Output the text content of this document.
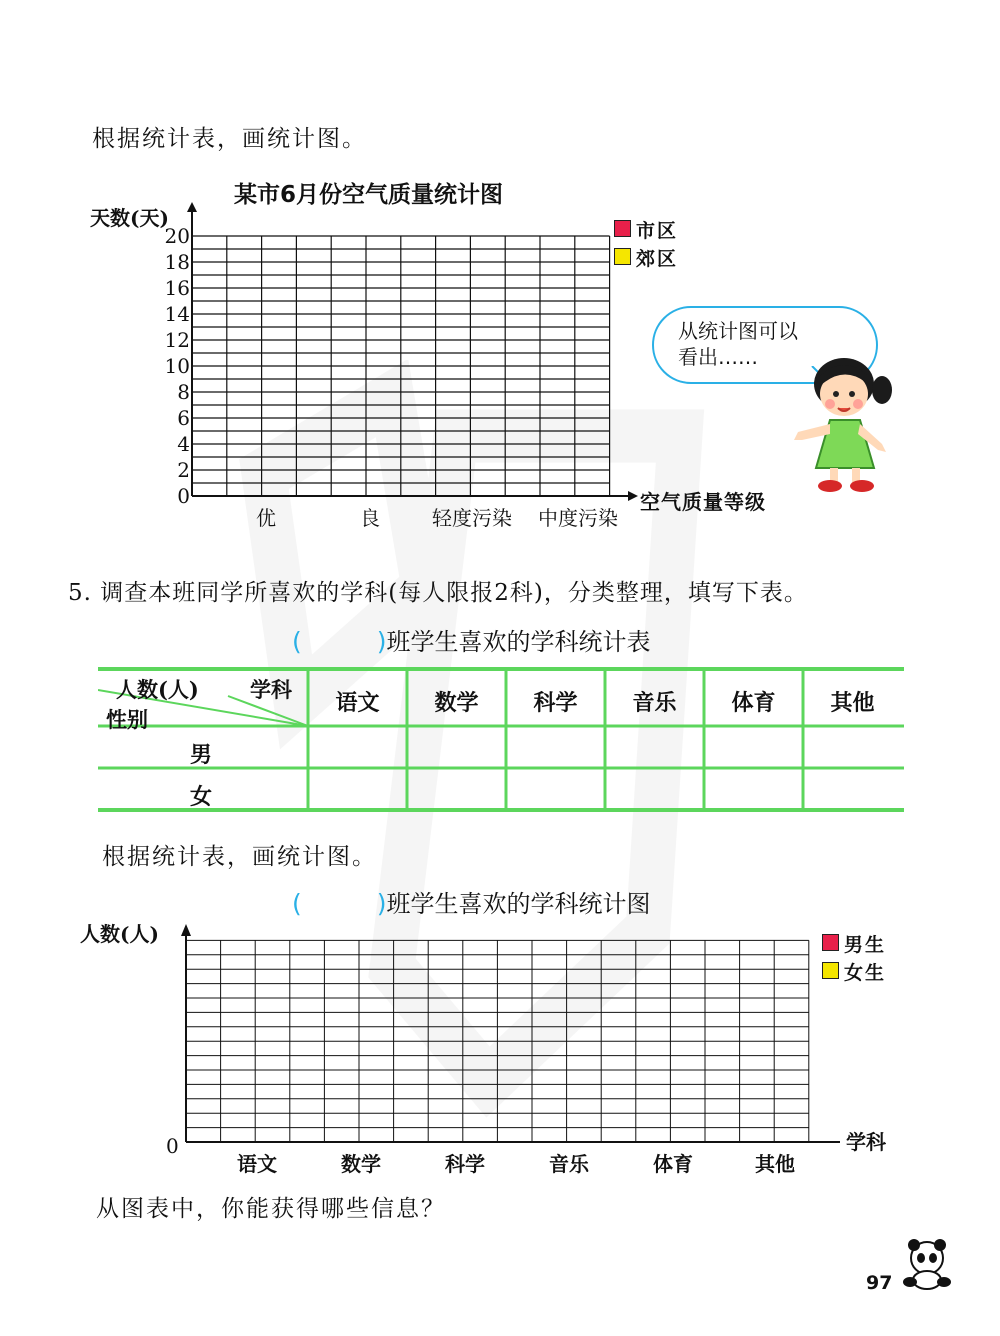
根据统计表，画统计图。
某市6月份空气质量统计图
天数(天)
20
18
16
14
12
10
8
6
4
2
0
优	良	轻度污染	中度污染
空气质量等级
市区
郊区
从统计图可以
看出……
5. 调查本班同学所喜欢的学科(每人限报2科)，分类整理，填写下表。
(　　　)班学生喜欢的学科统计表
学科
人数(人)
性别
语文	数学	科学	音乐	体育	其他
男
女
根据统计表，画统计图。
(　　　)班学生喜欢的学科统计图
人数(人)
0	学科
语文	数学	科学	音乐	体育	其他
男生
女生
从图表中，你能获得哪些信息？
97
